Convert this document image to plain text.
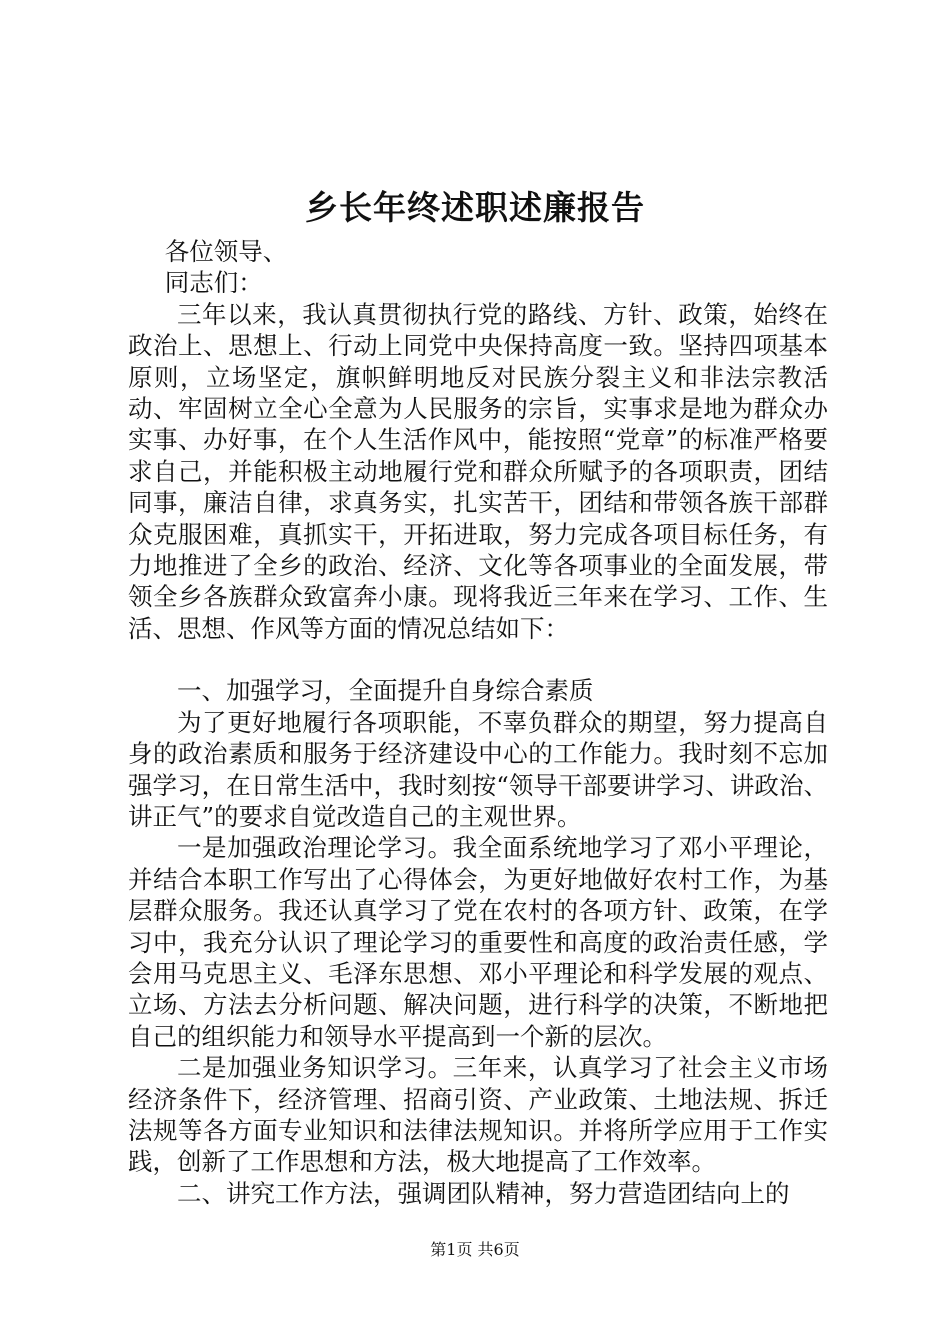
乡长年终述职述廉报告

各位领导、

同志们：

三年以来，我认真贯彻执行党的路线、方针、政策，始终在政治上、思想上、行动上同党中央保持高度一致。坚持四项基本原则，立场坚定，旗帜鲜明地反对民族分裂主义和非法宗教活动、牢固树立全心全意为人民服务的宗旨，实事求是地为群众办实事、办好事，在个人生活作风中，能按照“党章”的标准严格要求自己，并能积极主动地履行党和群众所赋予的各项职责，团结同事，廉洁自律，求真务实，扎实苦干，团结和带领各族干部群众克服困难，真抓实干，开拓进取，努力完成各项目标任务，有力地推进了全乡的政治、经济、文化等各项事业的全面发展，带领全乡各族群众致富奔小康。现将我近三年来在学习、工作、生活、思想、作风等方面的情况总结如下：

一、加强学习，全面提升自身综合素质

为了更好地履行各项职能，不辜负群众的期望，努力提高自身的政治素质和服务于经济建设中心的工作能力。我时刻不忘加强学习，在日常生活中，我时刻按“领导干部要讲学习、讲政治、讲正气”的要求自觉改造自己的主观世界。

一是加强政治理论学习。我全面系统地学习了邓小平理论，并结合本职工作写出了心得体会，为更好地做好农村工作，为基层群众服务。我还认真学习了党在农村的各项方针、政策，在学习中，我充分认识了理论学习的重要性和高度的政治责任感，学会用马克思主义、毛泽东思想、邓小平理论和科学发展的观点、立场、方法去分析问题、解决问题，进行科学的决策，不断地把自己的组织能力和领导水平提高到一个新的层次。

二是加强业务知识学习。三年来，认真学习了社会主义市场经济条件下，经济管理、招商引资、产业政策、土地法规、拆迁法规等各方面专业知识和法律法规知识。并将所学应用于工作实践，创新了工作思想和方法，极大地提高了工作效率。

二、讲究工作方法，强调团队精神，努力营造团结向上的

第1页 共6页
